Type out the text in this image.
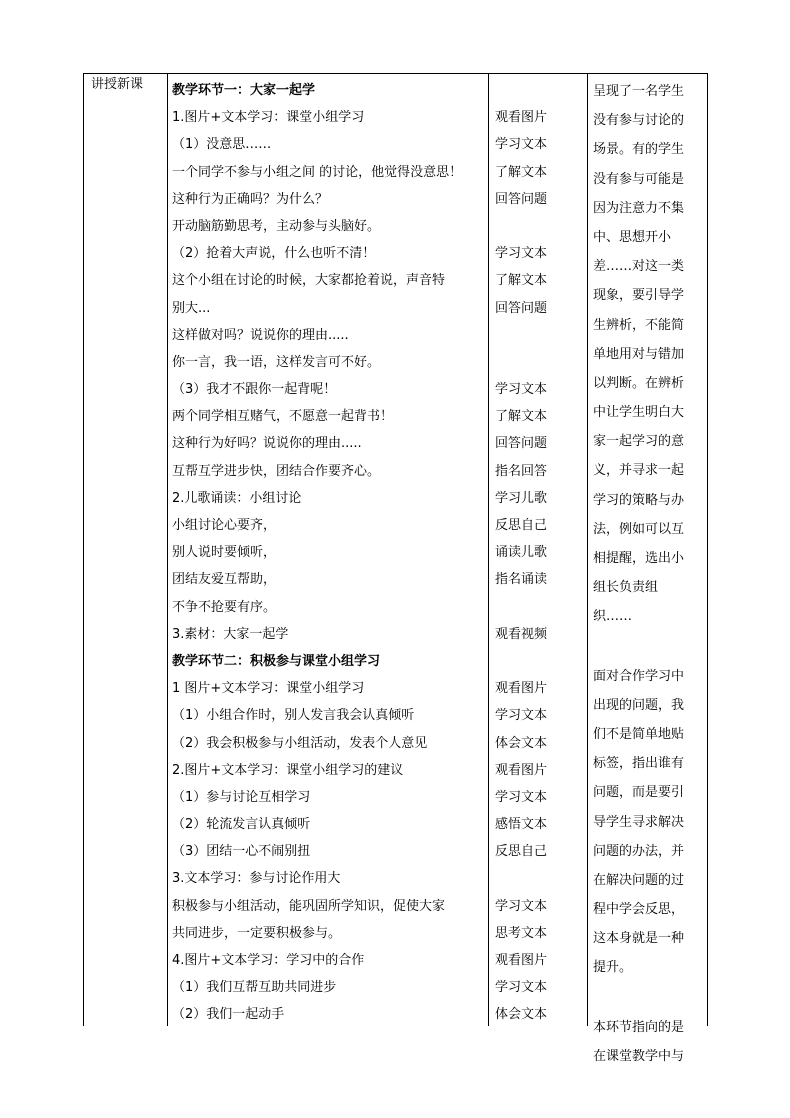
讲授新课 教学环节一：大家一起学
1.图片+文本学习：课堂小组学习
（1）没意思……
一个同学不参与小组之间 的讨论，他觉得没意思！
这种行为正确吗？为什么？
开动脑筋勤思考，主动参与头脑好。
（2）抢着大声说，什么也听不清！
这个小组在讨论的时候，大家都抢着说，声音特
别大...
这样做对吗？说说你的理由.....
你一言，我一语，这样发言可不好。
（3）我才不跟你一起背呢！
两个同学相互赌气，不愿意一起背书！
这种行为好吗？说说你的理由.....
互帮互学进步快，团结合作要齐心。
2.儿歌诵读：小组讨论
小组讨论心要齐，
别人说时要倾听，
团结友爱互帮助，
不争不抢要有序。
3.素材：大家一起学
教学环节二：积极参与课堂小组学习
1 图片+文本学习：课堂小组学习
（1）小组合作时，别人发言我会认真倾听
（2）我会积极参与小组活动，发表个人意见
2.图片+文本学习：课堂小组学习的建议
（1）参与讨论互相学习
（2）轮流发言认真倾听
（3）团结一心不闹别扭
3.文本学习：参与讨论作用大
积极参与小组活动，能巩固所学知识，促使大家
共同进步，一定要积极参与。
4.图片+文本学习：学习中的合作
（1）我们互帮互助共同进步
（2）我们一起动手
观看图片
学习文本
了解文本
回答问题
学习文本
了解文本
回答问题
学习文本
了解文本
回答问题
指名回答
学习儿歌
反思自己
诵读儿歌
指名诵读
观看视频
观看图片
学习文本
体会文本
观看图片
学习文本
感悟文本
反思自己
学习文本
思考文本
观看图片
学习文本
体会文本
呈现了一名学生
没有参与讨论的
场景。有的学生
没有参与可能是
因为注意力不集
中、思想开小
差……对这一类
现象，要引导学
生辨析，不能简
单地用对与错加
以判断。在辨析
中让学生明白大
家一起学习的意
义，并寻求一起
学习的策略与办
法，例如可以互
相提醒，选出小
组长负责组
织……
面对合作学习中
出现的问题，我
们不是简单地贴
标签，指出谁有
问题，而是要引
导学生寻求解决
问题的办法，并
在解决问题的过
程中学会反思，
这本身就是一种
提升。
本环节指向的是
在课堂教学中与
